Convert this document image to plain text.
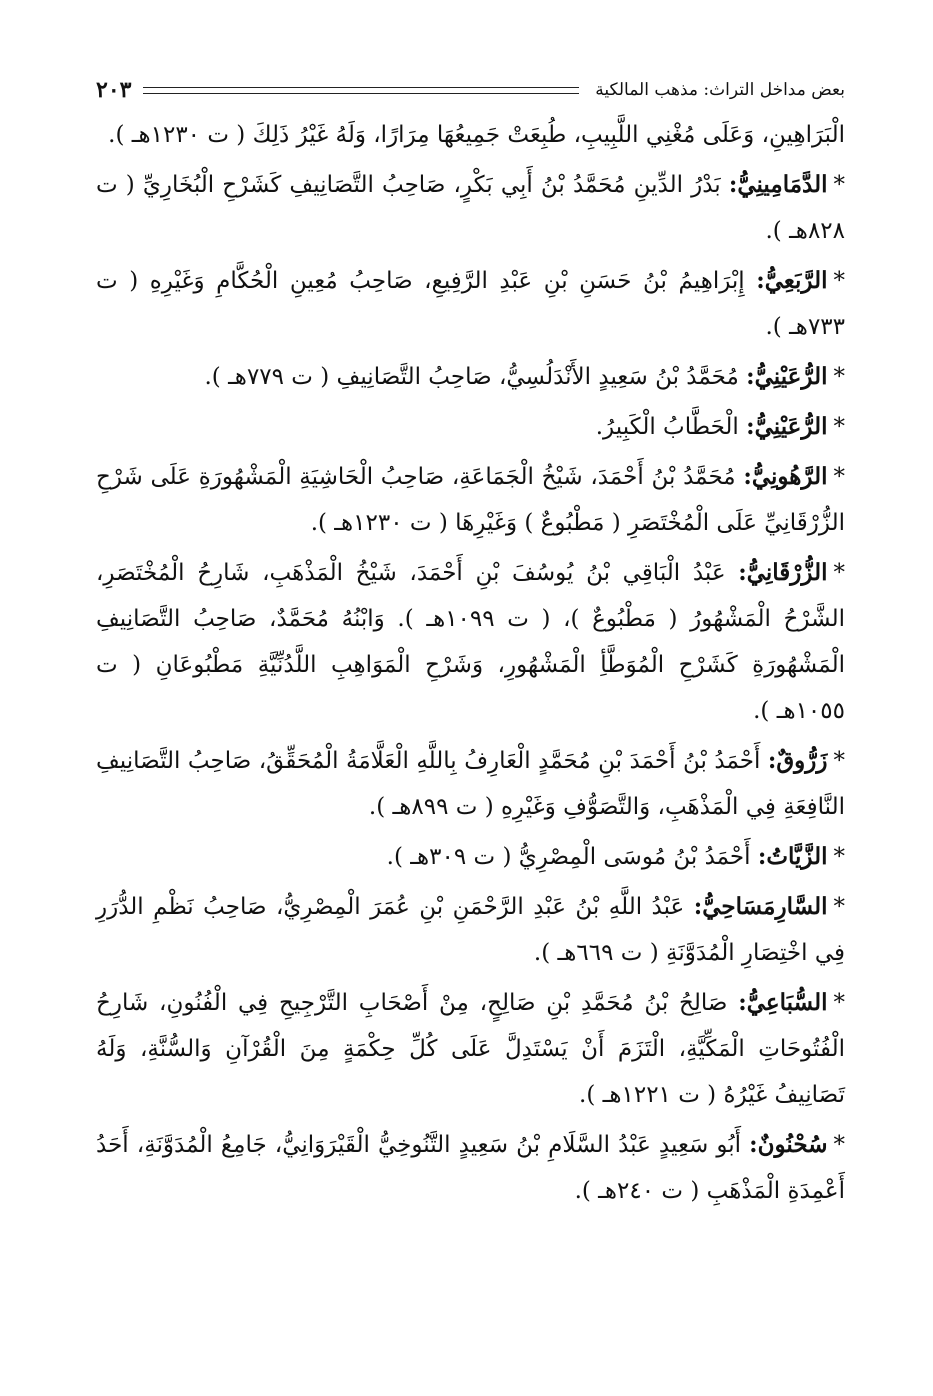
بعض مداخل التراث: مذهب المالكية
٢٠٣

الْبَرَاهِينِ، وَعَلَى مُغْنِي اللَّبِيبِ، طُبِعَتْ جَمِيعُهَا مِرَارًا، وَلَهُ غَيْرُ ذَلِكَ ( ت ١٢٣٠هـ ).

*الدَّمَامِينِيُّ: بَدْرُ الدِّينِ مُحَمَّدُ بْنُ أَبِي بَكْرٍ، صَاحِبُ التَّصَانِيفِ كَشَرْحِ الْبُخَارِيِّ ( ت ٨٢٨هـ ).

*الرَّبَعِيُّ: إِبْرَاهِيمُ بْنُ حَسَنِ بْنِ عَبْدِ الرَّفِيعِ، صَاحِبُ مُعِينِ الْحُكَّامِ وَغَيْرِهِ ( ت ٧٣٣هـ ).

*الرُّعَيْنِيُّ: مُحَمَّدُ بْنُ سَعِيدٍ الأَنْدَلُسِيُّ، صَاحِبُ التَّصَانِيفِ ( ت ٧٧٩هـ ).

*الرُّعَيْنِيُّ: الْحَطَّابُ الْكَبِيرُ.

*الرَّهُونِيُّ: مُحَمَّدُ بْنُ أَحْمَدَ، شَيْخُ الْجَمَاعَةِ، صَاحِبُ الْحَاشِيَةِ الْمَشْهُورَةِ عَلَى شَرْحِ الزُّرْقَانِيِّ عَلَى الْمُخْتَصَرِ ( مَطْبُوعٌ ) وَغَيْرِهَا ( ت ١٢٣٠هـ ).

*الزُّرْقَانِيُّ: عَبْدُ الْبَاقِي بْنُ يُوسُفَ بْنِ أَحْمَدَ، شَيْخُ الْمَذْهَبِ، شَارِحُ الْمُخْتَصَرِ، الشَّرْحُ الْمَشْهُورُ ( مَطْبُوعٌ )، ( ت ١٠٩٩هـ ). وَابْنُهُ مُحَمَّدٌ، صَاحِبُ التَّصَانِيفِ الْمَشْهُورَةِ كَشَرْحِ الْمُوَطَّأِ الْمَشْهُورِ، وَشَرْحِ الْمَوَاهِبِ اللَّدُنِّيَّةِ مَطْبُوعَانِ ( ت ١٠٥٥هـ ).

*زَرُّوقٌ: أَحْمَدُ بْنُ أَحْمَدَ بْنِ مُحَمَّدٍ الْعَارِفُ بِاللَّهِ الْعَلَّامَةُ الْمُحَقِّقُ، صَاحِبُ التَّصَانِيفِ النَّافِعَةِ فِي الْمَذْهَبِ، وَالتَّصَوُّفِ وَغَيْرِهِ ( ت ٨٩٩هـ ).

*الزَّيَّاتُ: أَحْمَدُ بْنُ مُوسَى الْمِصْرِيُّ ( ت ٣٠٩هـ ).

*السَّارِمَسَاحِيُّ: عَبْدُ اللَّهِ بْنُ عَبْدِ الرَّحْمَنِ بْنِ عُمَرَ الْمِصْرِيُّ، صَاحِبُ نَظْمِ الدُّرَرِ فِي اخْتِصَارِ الْمُدَوَّنَةِ ( ت ٦٦٩هـ ).

*السُّبَاعِيُّ: صَالِحُ بْنُ مُحَمَّدِ بْنِ صَالِحٍ، مِنْ أَصْحَابِ التَّرْجِيحِ فِي الْفُنُونِ، شَارِحُ الْفُتُوحَاتِ الْمَكِّيَّةِ، الْتَزَمَ أَنْ يَسْتَدِلَّ عَلَى كُلِّ حِكْمَةٍ مِنَ الْقُرْآنِ وَالسُّنَّةِ، وَلَهُ تَصَانِيفُ غَيْرُهُ ( ت ١٢٢١هـ ).

*سُحْنُونٌ: أَبُو سَعِيدٍ عَبْدُ السَّلَامِ بْنُ سَعِيدٍ التَّنُوخِيُّ الْقَيْرَوَانِيُّ، جَامِعُ الْمُدَوَّنَةِ، أَحَدُ أَعْمِدَةِ الْمَذْهَبِ ( ت ٢٤٠هـ ).
